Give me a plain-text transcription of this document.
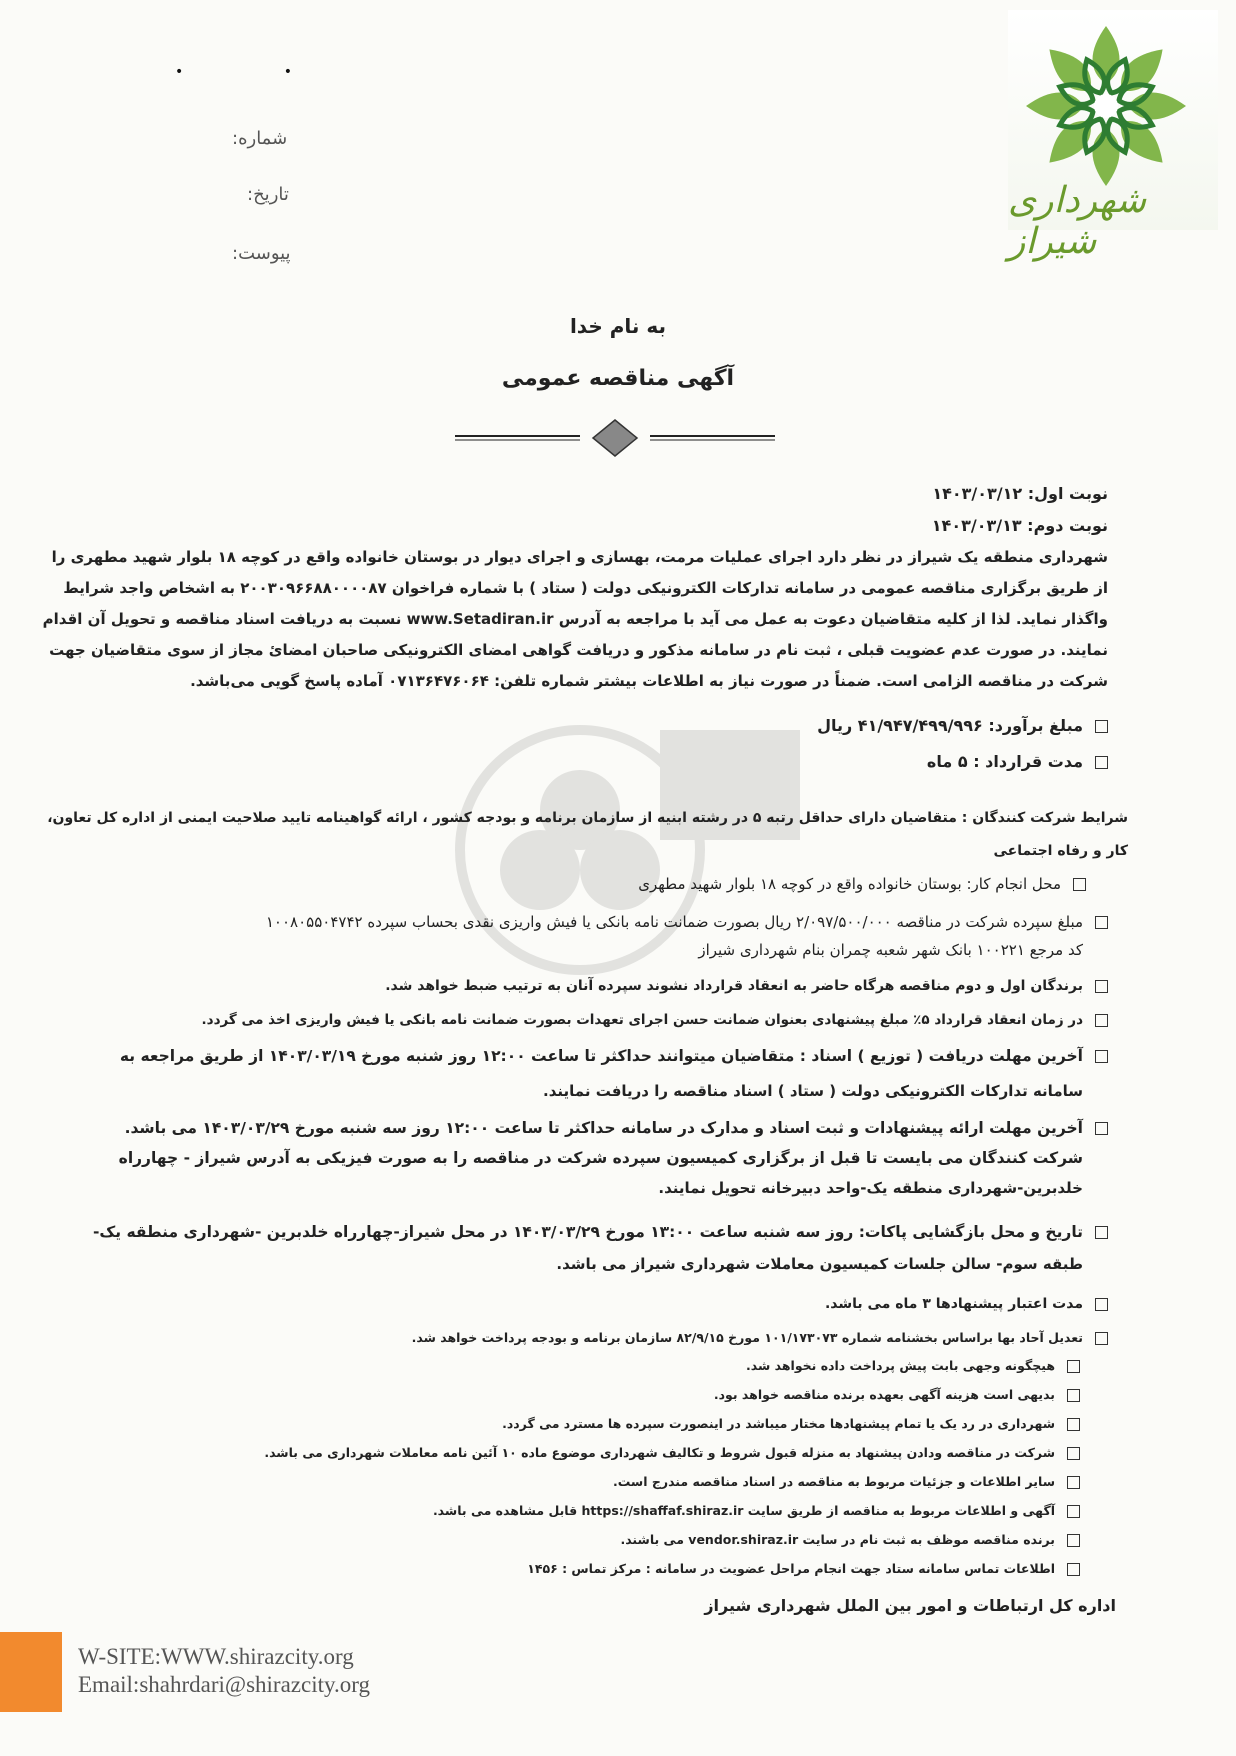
شهرداری شیراز
• •
شماره:
تاریخ:
پیوست:
به نام خدا
آگهی مناقصه عمومی
نوبت اول: ۱۴۰۳/۰۳/۱۲
نوبت دوم: ۱۴۰۳/۰۳/۱۳
شهرداری منطقه یک شیراز در نظر دارد اجرای عملیات مرمت، بهسازی و اجرای دیوار در بوستان خانواده واقع در کوچه ۱۸ بلوار شهید مطهری را
از طریق برگزاری مناقصه عمومی در سامانه تدارکات الکترونیکی دولت ( ستاد ) با شماره فراخوان ۲۰۰۳۰۹۶۶۸۸۰۰۰۰۸۷ به اشخاص واجد شرایط
واگذار نماید. لذا از کلیه متقاضیان دعوت به عمل می آید با مراجعه به آدرس www.Setadiran.ir نسبت به دریافت اسناد مناقصه و تحویل آن اقدام
نمایند. در صورت عدم عضویت قبلی ، ثبت نام در سامانه مذکور و دریافت گواهی امضای الکترونیکی صاحبان امضائ مجاز از سوی متقاضیان جهت
شرکت در مناقصه الزامی است. ضمناً در صورت نیاز به اطلاعات بیشتر شماره تلفن: ۰۷۱۳۶۴۷۶۰۶۴ آماده پاسخ گویی می‌باشد.
مبلغ برآورد: ۴۱/۹۴۷/۴۹۹/۹۹۶ ریال
مدت قرارداد : ۵ ماه
شرایط شرکت کنندگان : متقاضیان دارای حداقل رتبه ۵ در رشته ابنیه از سازمان برنامه و بودجه کشور ، ارائه گواهینامه تایید صلاحیت ایمنی از اداره کل تعاون،
کار و رفاه اجتماعی
محل انجام کار: بوستان خانواده واقع در کوچه ۱۸ بلوار شهید مطهری
مبلغ سپرده شرکت در مناقصه ۲/۰۹۷/۵۰۰/۰۰۰ ریال بصورت ضمانت نامه بانکی یا فیش واریزی نقدی بحساب سپرده ۱۰۰۸۰۵۵۰۴۷۴۲
کد مرجع ۱۰۰۲۲۱ بانک شهر شعبه چمران بنام شهرداری شیراز
برندگان اول و دوم مناقصه هرگاه حاضر به انعقاد قرارداد نشوند سپرده آنان به ترتیب ضبط خواهد شد.
در زمان انعقاد قرارداد ۵٪ مبلغ پیشنهادی بعنوان ضمانت حسن اجرای تعهدات بصورت ضمانت نامه بانکی یا فیش واریزی اخذ می گردد.
آخرین مهلت دریافت ( توزیع ) اسناد : متقاضیان میتوانند حداکثر تا ساعت ۱۲:۰۰ روز شنبه مورخ ۱۴۰۳/۰۳/۱۹ از طریق مراجعه به
سامانه تدارکات الکترونیکی دولت ( ستاد ) اسناد مناقصه را دریافت نمایند.
آخرین مهلت ارائه پیشنهادات و ثبت اسناد و مدارک در سامانه حداکثر تا ساعت ۱۲:۰۰ روز سه شنبه مورخ ۱۴۰۳/۰۳/۲۹ می باشد.
شرکت کنندگان می بایست تا قبل از برگزاری کمیسیون سپرده شرکت در مناقصه را به صورت فیزیکی به آدرس شیراز - چهارراه
خلدبرین-شهرداری منطقه یک-واحد دبیرخانه تحویل نمایند.
تاریخ و محل بازگشایی پاکات: روز سه شنبه ساعت ۱۳:۰۰ مورخ ۱۴۰۳/۰۳/۲۹ در محل شیراز-چهارراه خلدبرین -شهرداری منطقه یک-
طبقه سوم- سالن جلسات کمیسیون معاملات شهرداری شیراز می باشد.
مدت اعتبار پیشنهادها ۳ ماه می باشد.
تعدیل آحاد بها براساس بخشنامه شماره ۱۰۱/۱۷۳۰۷۳ مورخ ۸۲/۹/۱۵ سازمان برنامه و بودجه پرداخت خواهد شد.
هیچگونه وجهی بابت پیش پرداخت داده نخواهد شد.
بدیهی است هزینه آگهی بعهده برنده مناقصه خواهد بود.
شهرداری در رد یک یا تمام پیشنهادها مختار میباشد در اینصورت سپرده ها مسترد می گردد.
شرکت در مناقصه ودادن پیشنهاد به منزله قبول شروط و تکالیف شهرداری موضوع ماده ۱۰ آئین نامه معاملات شهرداری می باشد.
سایر اطلاعات و جزئیات مربوط به مناقصه در اسناد مناقصه مندرج است.
آگهی و اطلاعات مربوط به مناقصه از طریق سایت https://shaffaf.shiraz.ir قابل مشاهده می باشد.
برنده مناقصه موظف به ثبت نام در سایت vendor.shiraz.ir می باشند.
اطلاعات تماس سامانه ستاد جهت انجام مراحل عضویت در سامانه : مرکز تماس : ۱۴۵۶
اداره کل ارتباطات و امور بین الملل شهرداری شیراز
W-SITE:WWW.shirazcity.org
Email:shahrdari@shirazcity.org
